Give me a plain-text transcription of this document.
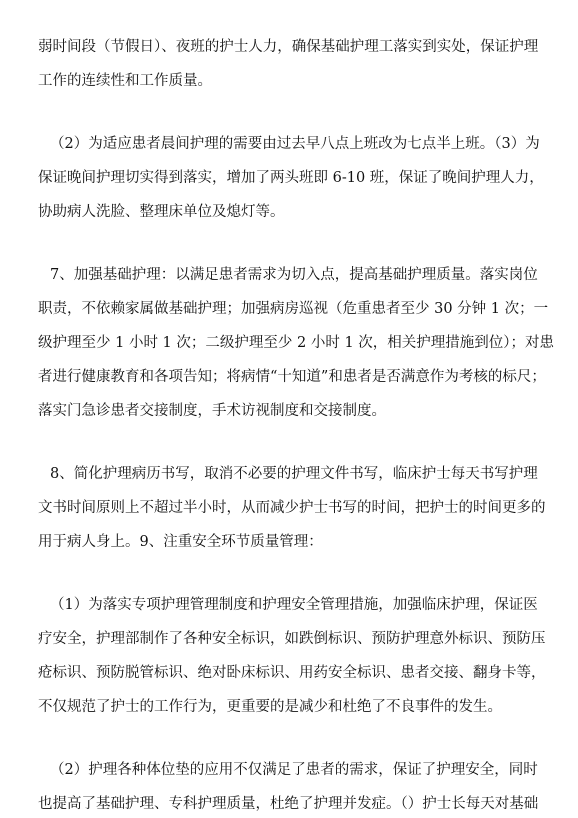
弱时间段（节假日）、夜班的护士人力，确保基础护理工落实到实处，保证护理
工作的连续性和工作质量。
（2）为适应患者晨间护理的需要由过去早八点上班改为七点半上班。（3）为
保证晚间护理切实得到落实，增加了两头班即 6-10 班，保证了晚间护理人力，
协助病人洗脸、整理床单位及熄灯等。
7、加强基础护理：以满足患者需求为切入点，提高基础护理质量。落实岗位
职责，不依赖家属做基础护理；加强病房巡视（危重患者至少 30 分钟 1 次；一
级护理至少 1 小时 1 次；二级护理至少 2 小时 1 次，相关护理措施到位）；对患
者进行健康教育和各项告知；将病情“十知道”和患者是否满意作为考核的标尺；
落实门急诊患者交接制度，手术访视制度和交接制度。
8、简化护理病历书写，取消不必要的护理文件书写，临床护士每天书写护理
文书时间原则上不超过半小时，从而减少护士书写的时间，把护士的时间更多的
用于病人身上。9、注重安全环节质量管理：
（1）为落实专项护理管理制度和护理安全管理措施，加强临床护理，保证医
疗安全，护理部制作了各种安全标识，如跌倒标识、预防护理意外标识、预防压
疮标识、预防脱管标识、绝对卧床标识、用药安全标识、患者交接、翻身卡等，
不仅规范了护士的工作行为，更重要的是减少和杜绝了不良事件的发生。
（2）护理各种体位垫的应用不仅满足了患者的需求，保证了护理安全，同时
也提高了基础护理、专科护理质量，杜绝了护理并发症。（）护士长每天对基础
